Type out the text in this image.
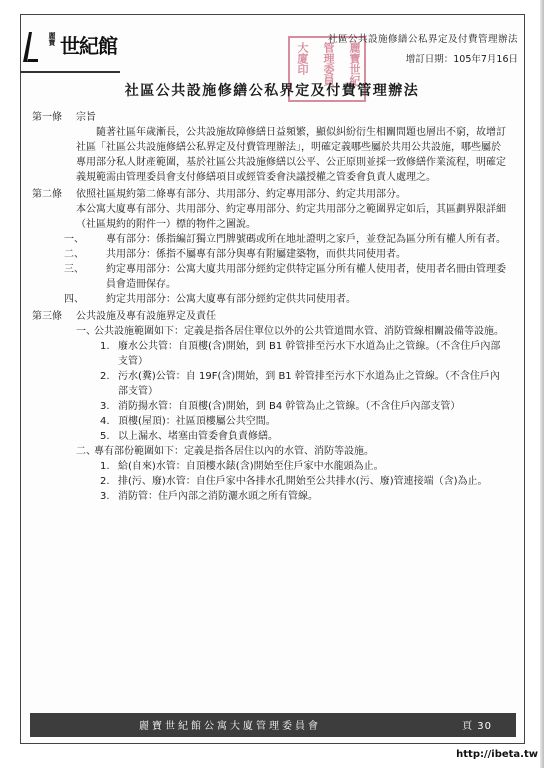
麗寶 世紀館	大廈印 管理委員 麗寶世紀
社區公共設施修繕公私界定及付費管理辦法
增訂日期：105年7月16日
社區公共設施修繕公私界定及付費管理辦法
第一條	宗旨

隨著社區年歲漸長，公共設施故障修繕日益頻繁，顯似糾紛衍生相關問題也層出不窮，故增訂社區「社區公共設施修繕公私界定及付費管理辦法」，明確定義哪些屬於共用公共設施，哪些屬於專用部分私人財產範圍，基於社區公共設施修繕以公平、公正原則並採一致修繕作業流程，明確定義規範需由管理委員會支付修繕項目或經管委會決議授權之管委會負責人處理之。

第二條	依照社區規約第二條專有部分、共用部分、約定專用部分、約定共用部分。

本公寓大廈專有部分、共用部分、約定專用部分、約定共用部分之範圍界定如后，其區劃界限詳細（社區規約的附件一）標的物件之圖說。

一、 專有部分：係指編訂獨立門牌號碼或所在地址證明之家戶，並登記為區分所有權人所有者。

二、 共用部分：係指不屬專有部分與專有附屬建築物，而供共同使用者。

三、 約定專用部分：公寓大廈共用部分經約定供特定區分所有權人使用者，使用者名冊由管理委員會造冊保存。

四、 約定共用部分：公寓大廈專有部分經約定供共同使用者。

第三條	公共設施及專有設施界定及責任

一、
公共設施範圍如下：定義是指各居住單位以外的公共管道間水管、消防管線相關設備等設施。

1. 廢水公共管：自頂樓(含)開始，到 B1 幹管排至污水下水道為止之管線。（不含住戶內部支管）

2. 污水(糞)公管：自 19F(含)開始，到 B1 幹管排至污水下水道為止之管線。（不含住戶內部支管）

3. 消防揚水管：自頂樓(含)開始，到 B4 幹管為止之管線。（不含住戶內部支管）

4. 頂樓(屋頂)：社區頂樓屬公共空間。

5. 以上漏水、堵塞由管委會負責修繕。

二、
專有部份範圍如下：定義是指各居住以內的水管、消防等設施。

1. 給(自來)水管：自頂樓水錶(含)開始至住戶家中水龍頭為止。

2. 排(污、廢)水管：自住戶家中各排水孔開始至公共排水(污、廢)管連接端（含)為止。

3. 消防管：住戶內部之消防灑水頭之所有管線。

麗寶世紀館公寓大廈管理委員會	頁 30
http://ibeta.tw
